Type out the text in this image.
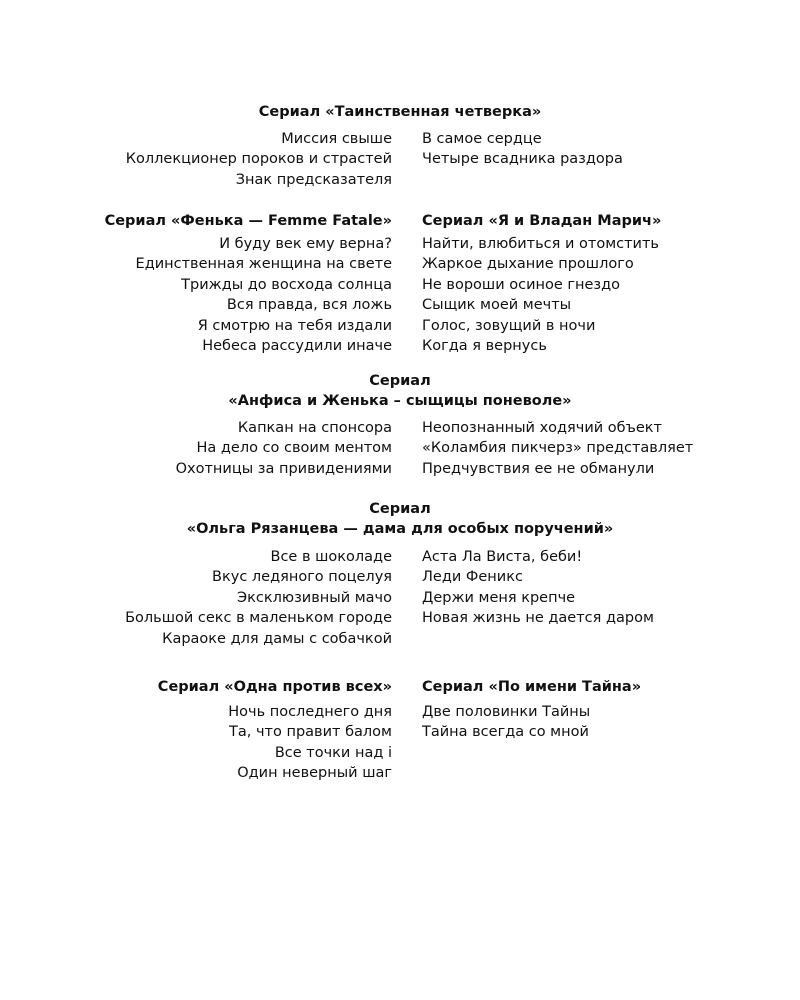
Сериал «Таинственная четверка»
Миссия свыше
Коллекционер пороков и страстей
Знак предсказателя
В самое сердце
Четыре всадника раздора
Сериал «Фенька — Femme Fatale» Сериал «Я и Владан Марич»
И буду век ему верна?
Единственная женщина на свете
Трижды до восхода солнца
Вся правда, вся ложь
Я смотрю на тебя издали
Небеса рассудили иначе
Найти, влюбиться и отомстить
Жаркое дыхание прошлого
Не вороши осиное гнездо
Сыщик моей мечты
Голос, зовущий в ночи
Когда я вернусь
Сериал
«Анфиса и Женька – сыщицы поневоле»
Капкан на спонсора
На дело со своим ментом
Охотницы за привидениями
Неопознанный ходячий объект
«Коламбия пикчерз» представляет
Предчувствия ее не обманули
Сериал
«Ольга Рязанцева — дама для особых поручений»
Все в шоколаде
Вкус ледяного поцелуя
Эксклюзивный мачо
Большой секс в маленьком городе
Караоке для дамы с собачкой
Аста Ла Виста, беби!
Леди Феникс
Держи меня крепче
Новая жизнь не дается даром
Сериал «Одна против всех» Сериал «По имени Тайна»
Ночь последнего дня
Та, что правит балом
Все точки над i
Один неверный шаг
Две половинки Тайны
Тайна всегда со мной
